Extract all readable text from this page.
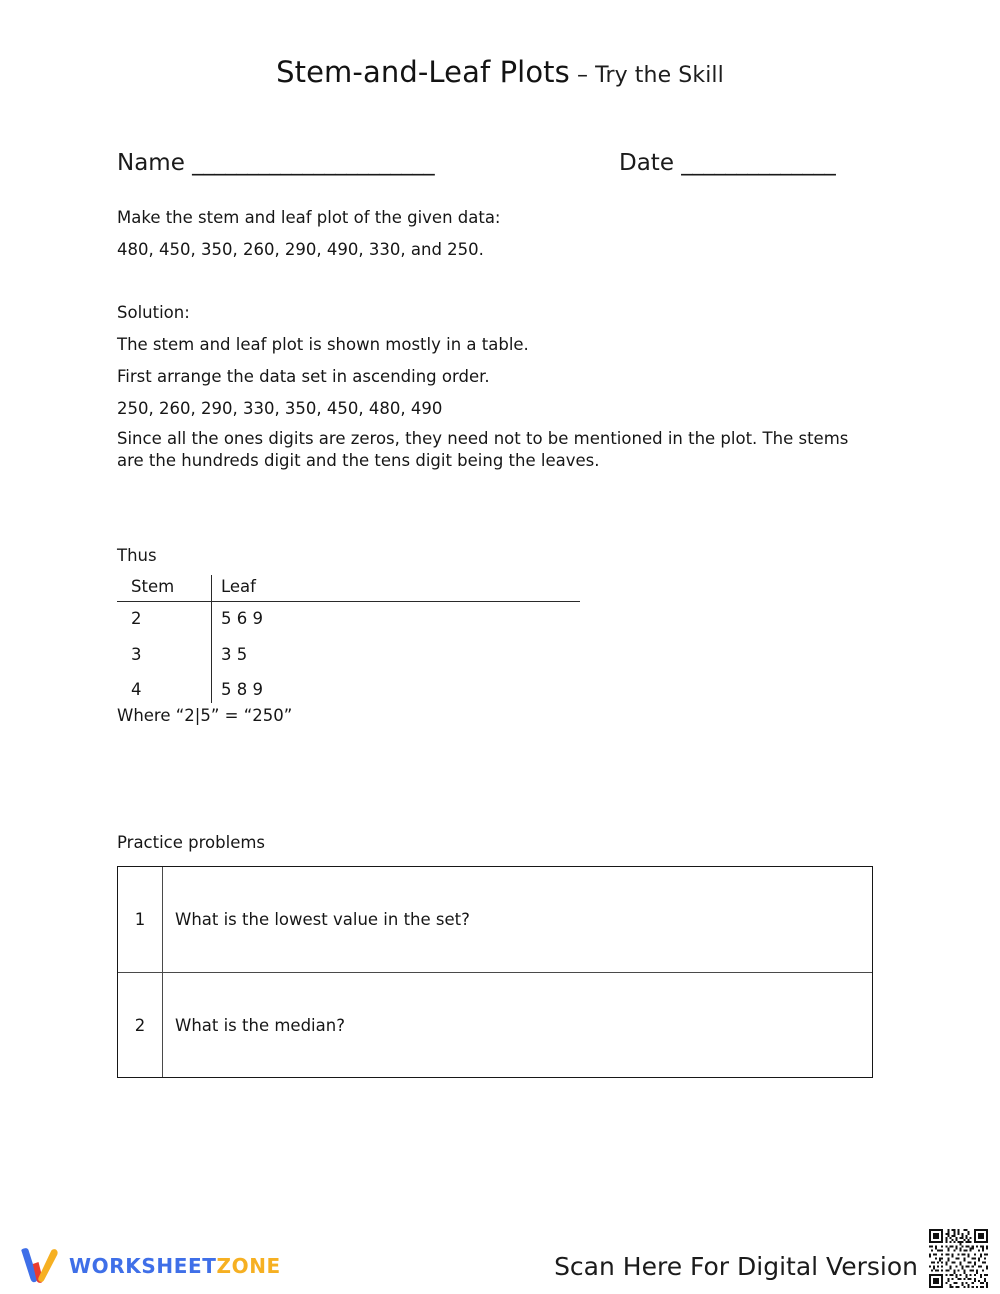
Stem-and-Leaf Plots – Try the Skill
Name ______________________	Date ______________
Make the stem and leaf plot of the given data:
480, 450, 350, 260, 290, 490, 330, and 250.
Solution:
The stem and leaf plot is shown mostly in a table.
First arrange the data set in ascending order.
250, 260, 290, 330, 350, 450, 480, 490
Since all the ones digits are zeros, they need not to be mentioned in the plot. The stems are the hundreds digit and the tens digit being the leaves.
Thus
Stem	Leaf
2	5 6 9
3	3 5
4	5 8 9
Where “2|5” = “250”
Practice problems
1	What is the lowest value in the set?
2	What is the median?
WORKSHEETZONE	Scan Here For Digital Version
